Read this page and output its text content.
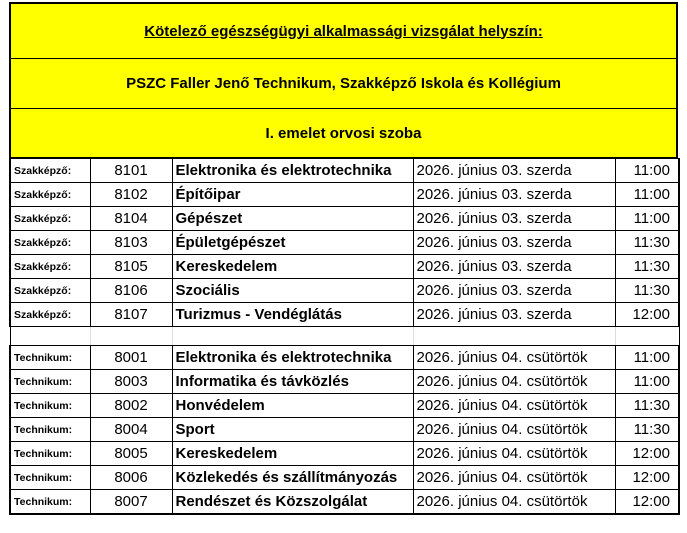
Kötelező egészségügyi alkalmassági vizsgálat helyszín:
PSZC Faller Jenő Technikum, Szakképző Iskola és Kollégium
I. emelet orvosi szoba
Szakképző:	8101	Elektronika és elektrotechnika	2026. június 03. szerda	11:00
Szakképző:	8102	Építőipar	2026. június 03. szerda	11:00
Szakképző:	8104	Gépészet	2026. június 03. szerda	11:00
Szakképző:	8103	Épületgépészet	2026. június 03. szerda	11:30
Szakképző:	8105	Kereskedelem	2026. június 03. szerda	11:30
Szakképző:	8106	Szociális	2026. június 03. szerda	11:30
Szakképző:	8107	Turizmus - Vendéglátás	2026. június 03. szerda	12:00

Technikum:	8001	Elektronika és elektrotechnika	2026. június 04. csütörtök	11:00
Technikum:	8003	Informatika és távközlés	2026. június 04. csütörtök	11:00
Technikum:	8002	Honvédelem	2026. június 04. csütörtök	11:30
Technikum:	8004	Sport	2026. június 04. csütörtök	11:30
Technikum:	8005	Kereskedelem	2026. június 04. csütörtök	12:00
Technikum:	8006	Közlekedés és szállítmányozás	2026. június 04. csütörtök	12:00
Technikum:	8007	Rendészet és Közszolgálat	2026. június 04. csütörtök	12:00
